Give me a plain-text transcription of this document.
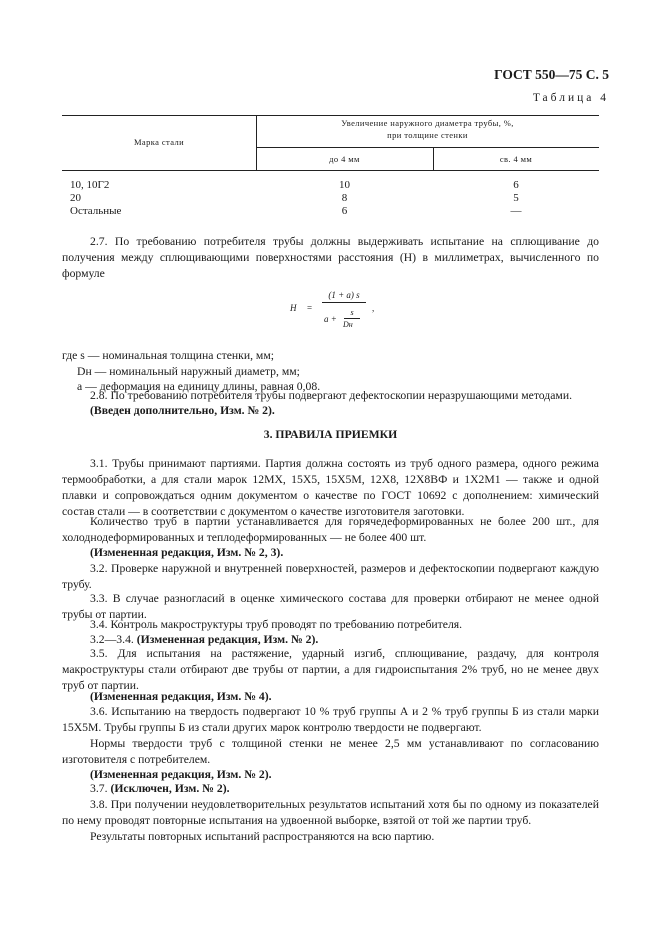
ГОСТ 550—75 С. 5
Таблица 4
Марка стали
Увеличение наружного диаметра трубы, %,
при толщине стенки
до 4 мм	св. 4 мм
10, 10Г2	10	6
20	8	5
Остальные	6	—
2.7. По требованию потребителя трубы должны выдерживать испытание на сплющивание до получения между сплющивающими поверхностями расстояния (H) в миллиметрах, вычисленного по формуле
H =
(1 + a) s
a +
s
Dн
,
где s — номинальная толщина стенки, мм;
Dн — номинальный наружный диаметр, мм;
a — деформация на единицу длины, равная 0,08.
2.8. По требованию потребителя трубы подвергают дефектоскопии неразрушающими методами.
(Введен дополнительно, Изм. № 2).
3. ПРАВИЛА ПРИЕМКИ
3.1. Трубы принимают партиями. Партия должна состоять из труб одного размера, одного режима термообработки, а для стали марок 12МХ, 15Х5, 15Х5М, 12Х8, 12Х8ВФ и 1Х2М1 — также и одной плавки и сопровождаться одним документом о качестве по ГОСТ 10692 с дополнением: химический состав стали — в соответствии с документом о качестве изготовителя заготовки.
Количество труб в партии устанавливается для горячедеформированных не более 200 шт., для холоднодеформированных и теплодеформированных — не более 400 шт.
(Измененная редакция, Изм. № 2, 3).
3.2. Проверке наружной и внутренней поверхностей, размеров и дефектоскопии подвергают каждую трубу.
3.3. В случае разногласий в оценке химического состава для проверки отбирают не менее одной трубы от партии.
3.4. Контроль макроструктуры труб проводят по требованию потребителя.
3.2—3.4. (Измененная редакция, Изм. № 2).
3.5. Для испытания на растяжение, ударный изгиб, сплющивание, раздачу, для контроля макроструктуры стали отбирают две трубы от партии, а для гидроиспытания 2% труб, но не менее двух труб от партии.
(Измененная редакция, Изм. № 4).
3.6. Испытанию на твердость подвергают 10 % труб группы А и 2 % труб группы Б из стали марки 15Х5М. Трубы группы Б из стали других марок контролю твердости не подвергают.
Нормы твердости труб с толщиной стенки не менее 2,5 мм устанавливают по согласованию изготовителя с потребителем.
(Измененная редакция, Изм. № 2).
3.7. (Исключен, Изм. № 2).
3.8. При получении неудовлетворительных результатов испытаний хотя бы по одному из показателей по нему проводят повторные испытания на удвоенной выборке, взятой от той же партии труб.
Результаты повторных испытаний распространяются на всю партию.
